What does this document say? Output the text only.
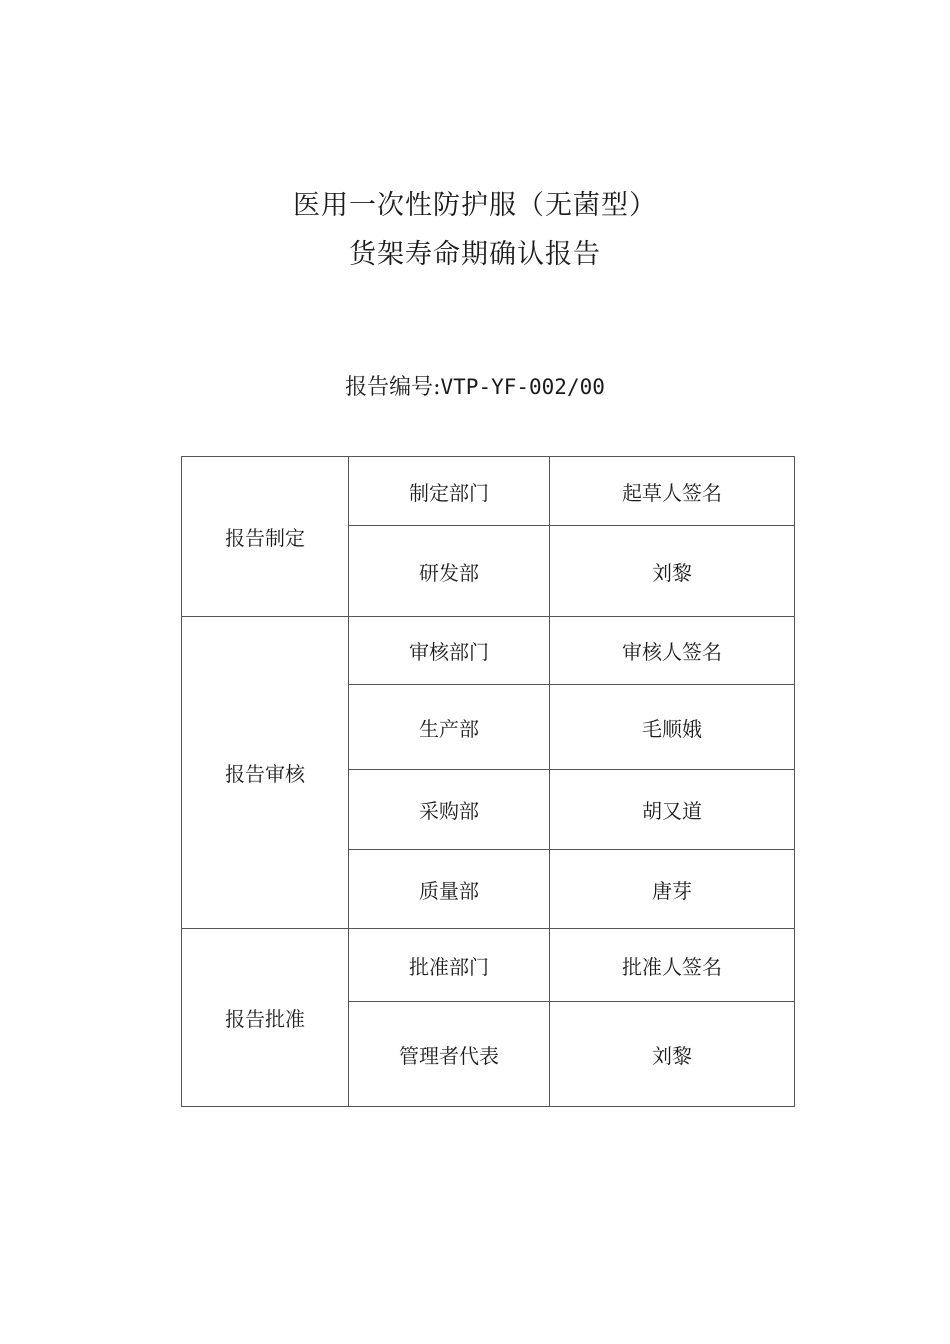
医用一次性防护服（无菌型）
货架寿命期确认报告
报告编号:VTP-YF-002/00
报告制定	制定部门	起草人签名
	研发部	刘黎
报告审核	审核部门	审核人签名
	生产部	毛顺娥
	采购部	胡又道
	质量部	唐芽
报告批准	批准部门	批准人签名
	管理者代表	刘黎
